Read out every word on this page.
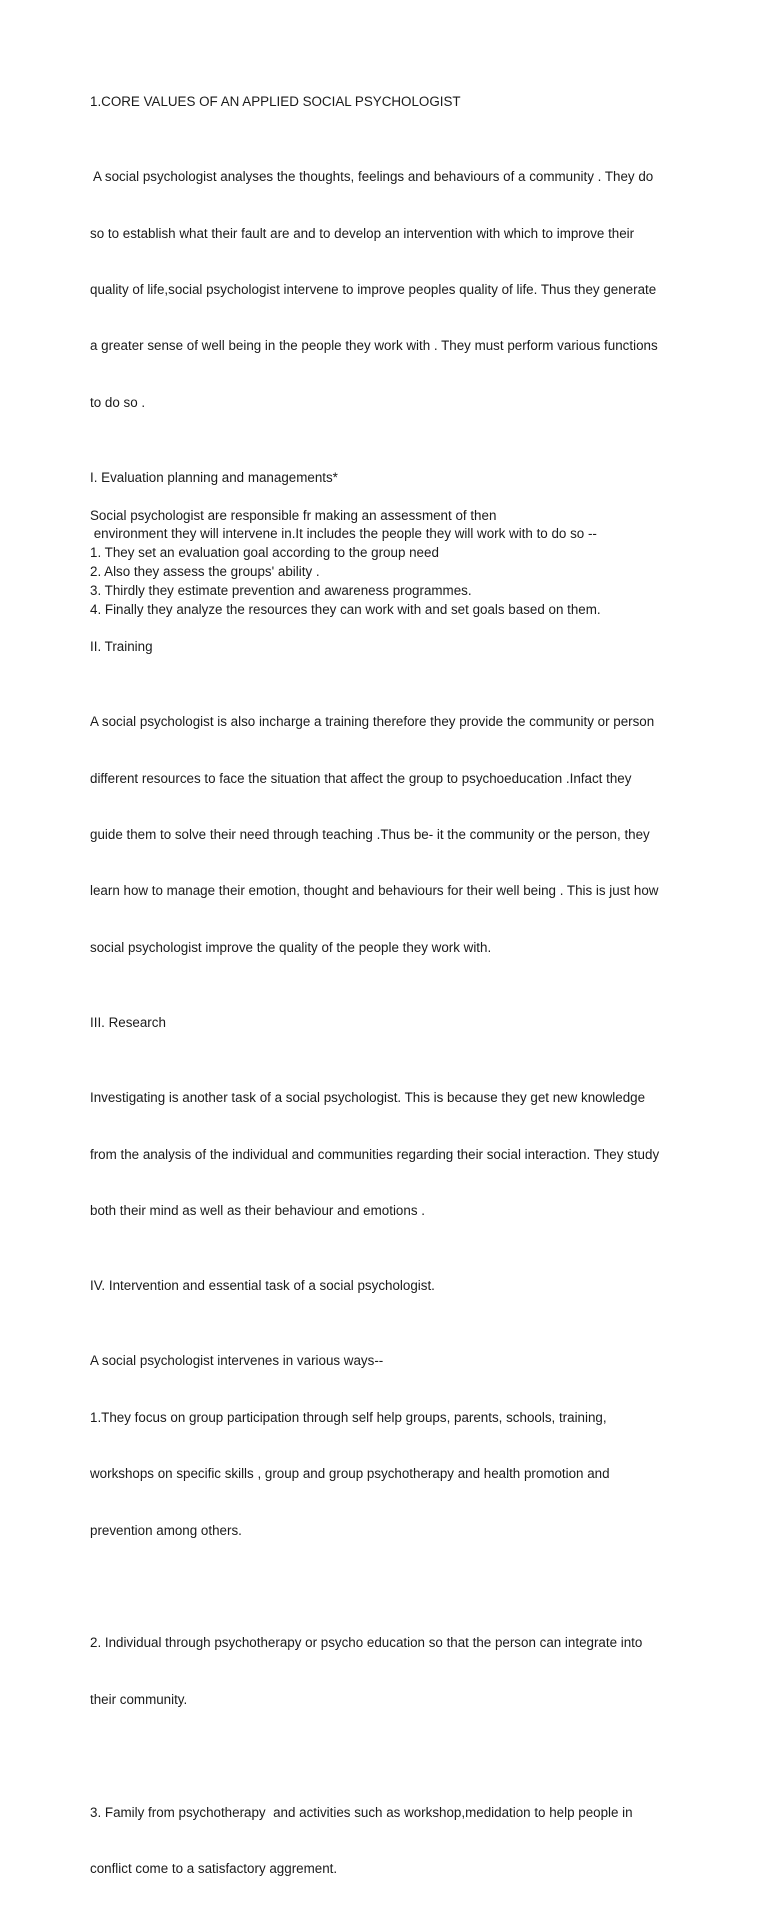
1.CORE VALUES OF AN APPLIED SOCIAL PSYCHOLOGIST

A social psychologist analyses the thoughts, feelings and behaviours of a community . They do

so to establish what their fault are and to develop an intervention with which to improve their

quality of life,social psychologist intervene to improve peoples quality of life. Thus they generate

a greater sense of well being in the people they work with . They must perform various functions

to do so .

I. Evaluation planning and managements*
Social psychologist are responsible fr making an assessment of then
environment they will intervene in.It includes the people they will work with to do so --
1. They set an evaluation goal according to the group need
2. Also they assess the groups' ability .
3. Thirdly they estimate prevention and awareness programmes.
4. Finally they analyze the resources they can work with and set goals based on them.
II. Training

A social psychologist is also incharge a training therefore they provide the community or person

different resources to face the situation that affect the group to psychoeducation .Infact they

guide them to solve their need through teaching .Thus be- it the community or the person, they

learn how to manage their emotion, thought and behaviours for their well being . This is just how

social psychologist improve the quality of the people they work with.

III. Research

Investigating is another task of a social psychologist. This is because they get new knowledge

from the analysis of the individual and communities regarding their social interaction. They study

both their mind as well as their behaviour and emotions .

IV. Intervention and essential task of a social psychologist.

A social psychologist intervenes in various ways--

1.They focus on group participation through self help groups, parents, schools, training,

workshops on specific skills , group and group psychotherapy and health promotion and

prevention among others.

2. Individual through psychotherapy or psycho education so that the person can integrate into

their community.

3. Family from psychotherapy  and activities such as workshop,medidation to help people in

conflict come to a satisfactory aggrement.
